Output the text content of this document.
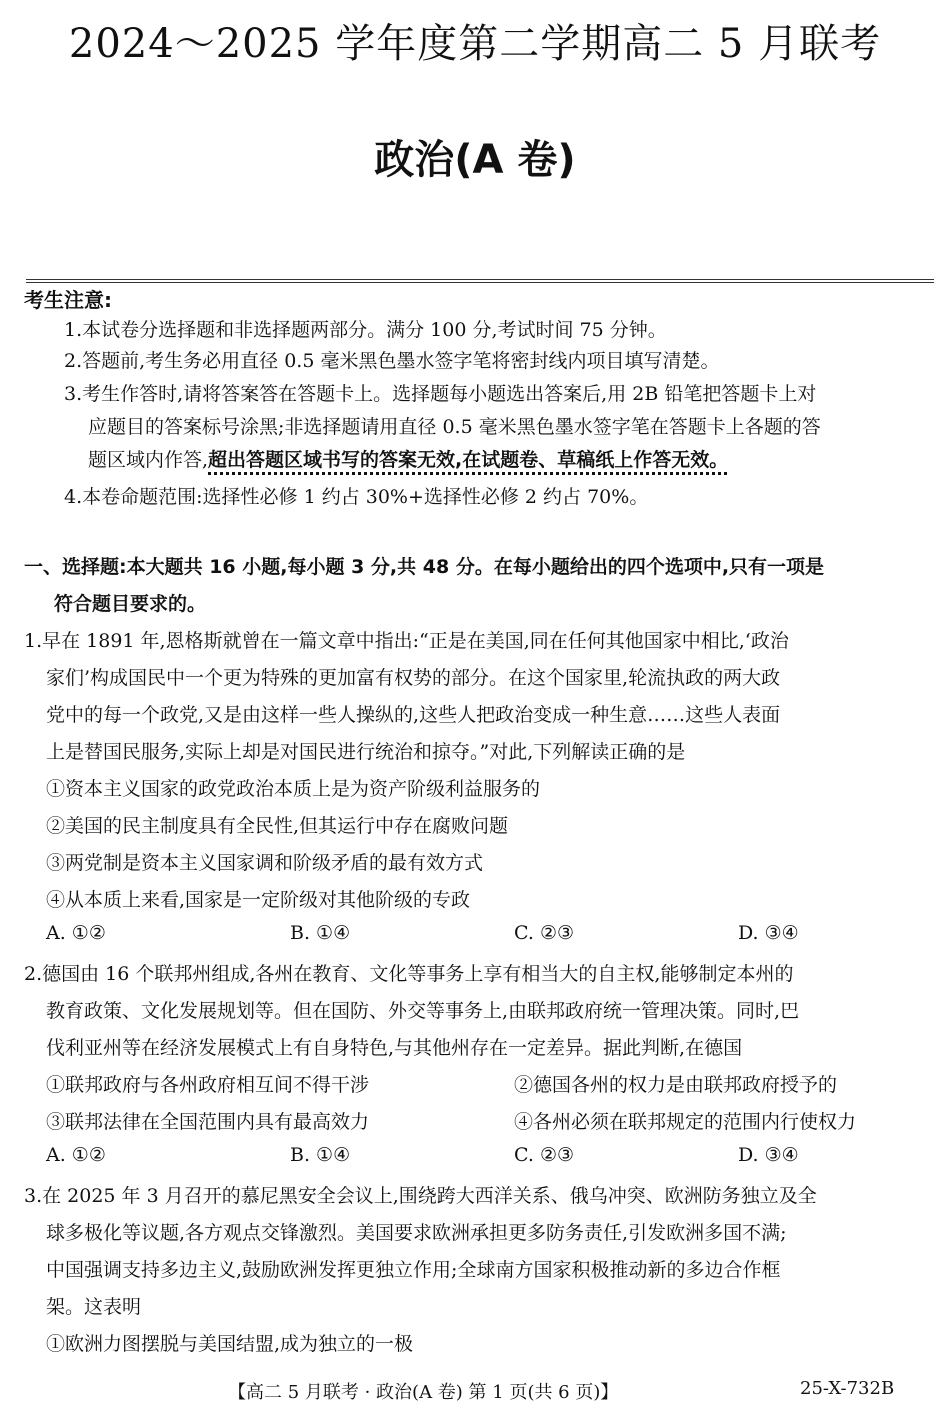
2024～2025 学年度第二学期高二 5 月联考
政治(A 卷)
考生注意:
1.本试卷分选择题和非选择题两部分。满分 100 分,考试时间 75 分钟。
2.答题前,考生务必用直径 0.5 毫米黑色墨水签字笔将密封线内项目填写清楚。
3.考生作答时,请将答案答在答题卡上。选择题每小题选出答案后,用 2B 铅笔把答题卡上对
应题目的答案标号涂黑;非选择题请用直径 0.5 毫米黑色墨水签字笔在答题卡上各题的答
题区域内作答,超出答题区域书写的答案无效,在试题卷、草稿纸上作答无效。
4.本卷命题范围:选择性必修 1 约占 30%+选择性必修 2 约占 70%。
一、选择题:本大题共 16 小题,每小题 3 分,共 48 分。在每小题给出的四个选项中,只有一项是
符合题目要求的。
1.早在 1891 年,恩格斯就曾在一篇文章中指出:“正是在美国,同在任何其他国家中相比,‘政治
家们’构成国民中一个更为特殊的更加富有权势的部分。在这个国家里,轮流执政的两大政
党中的每一个政党,又是由这样一些人操纵的,这些人把政治变成一种生意……这些人表面
上是替国民服务,实际上却是对国民进行统治和掠夺。”对此,下列解读正确的是
①资本主义国家的政党政治本质上是为资产阶级利益服务的
②美国的民主制度具有全民性,但其运行中存在腐败问题
③两党制是资本主义国家调和阶级矛盾的最有效方式
④从本质上来看,国家是一定阶级对其他阶级的专政
A. ①②	B. ①④	C. ②③	D. ③④
2.德国由 16 个联邦州组成,各州在教育、文化等事务上享有相当大的自主权,能够制定本州的
教育政策、文化发展规划等。但在国防、外交等事务上,由联邦政府统一管理决策。同时,巴
伐利亚州等在经济发展模式上有自身特色,与其他州存在一定差异。据此判断,在德国
①联邦政府与各州政府相互间不得干涉	②德国各州的权力是由联邦政府授予的
③联邦法律在全国范围内具有最高效力	④各州必须在联邦规定的范围内行使权力
A. ①②	B. ①④	C. ②③	D. ③④
3.在 2025 年 3 月召开的慕尼黑安全会议上,围绕跨大西洋关系、俄乌冲突、欧洲防务独立及全
球多极化等议题,各方观点交锋激烈。美国要求欧洲承担更多防务责任,引发欧洲多国不满;
中国强调支持多边主义,鼓励欧洲发挥更独立作用;全球南方国家积极推动新的多边合作框
架。这表明
①欧洲力图摆脱与美国结盟,成为独立的一极
【高二 5 月联考 · 政治(A 卷) 第 1 页(共 6 页)】	25-X-732B
